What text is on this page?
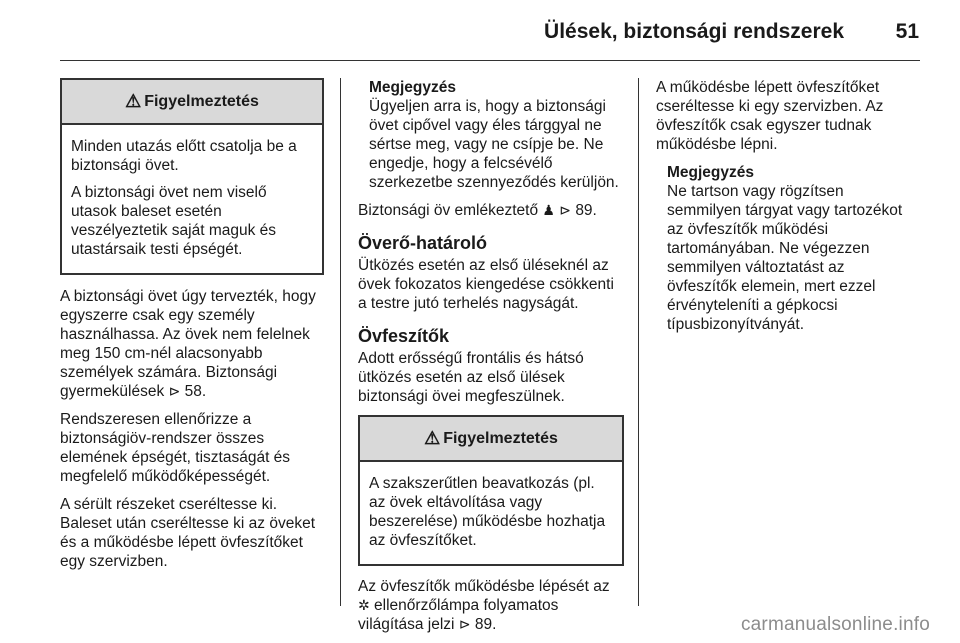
Ülések, biztonsági rendszerek 51
⚠ Figyelmeztetés

Minden utazás előtt csatolja be a biztonsági övet.

A biztonsági övet nem viselő utasok baleset esetén veszélyeztetik saját maguk és utastársaik testi épségét.

A biztonsági övet úgy tervezték, hogy egyszerre csak egy személy használhassa. Az övek nem felelnek meg 150 cm-nél alacsonyabb személyek számára. Biztonsági gyermekülések ⊳ 58.

Rendszeresen ellenőrizze a biztonságiöv-rendszer összes elemének épségét, tisztaságát és megfelelő működőképességét.

A sérült részeket cseréltesse ki. Baleset után cseréltesse ki az öveket és a működésbe lépett övfeszítőket egy szervizben.

Megjegyzés

Ügyeljen arra is, hogy a biztonsági övet cipővel vagy éles tárggyal ne sértse meg, vagy ne csípje be. Ne engedje, hogy a felcsévélő szerkezetbe szennyeződés kerüljön.

Biztonsági öv emlékeztető ♟ ⊳ 89.

Överő-határoló

Ütközés esetén az első üléseknél az övek fokozatos kiengedése csökkenti a testre jutó terhelés nagyságát.

Övfeszítők

Adott erősségű frontális és hátsó ütközés esetén az első ülések biztonsági övei megfeszülnek.

⚠ Figyelmeztetés

A szakszerűtlen beavatkozás (pl. az övek eltávolítása vagy beszerelése) működésbe hozhatja az övfeszítőket.

Az övfeszítők működésbe lépését az ✲ ellenőrzőlámpa folyamatos világítása jelzi ⊳ 89.

A működésbe lépett övfeszítőket cseréltesse ki egy szervizben. Az övfeszítők csak egyszer tudnak működésbe lépni.

Megjegyzés

Ne tartson vagy rögzítsen semmilyen tárgyat vagy tartozékot az övfeszítők működési tartományában. Ne végezzen semmilyen változtatást az övfeszítők elemein, mert ezzel érvényteleníti a gépkocsi típusbizonyítványát.

carmanualsonline.info
